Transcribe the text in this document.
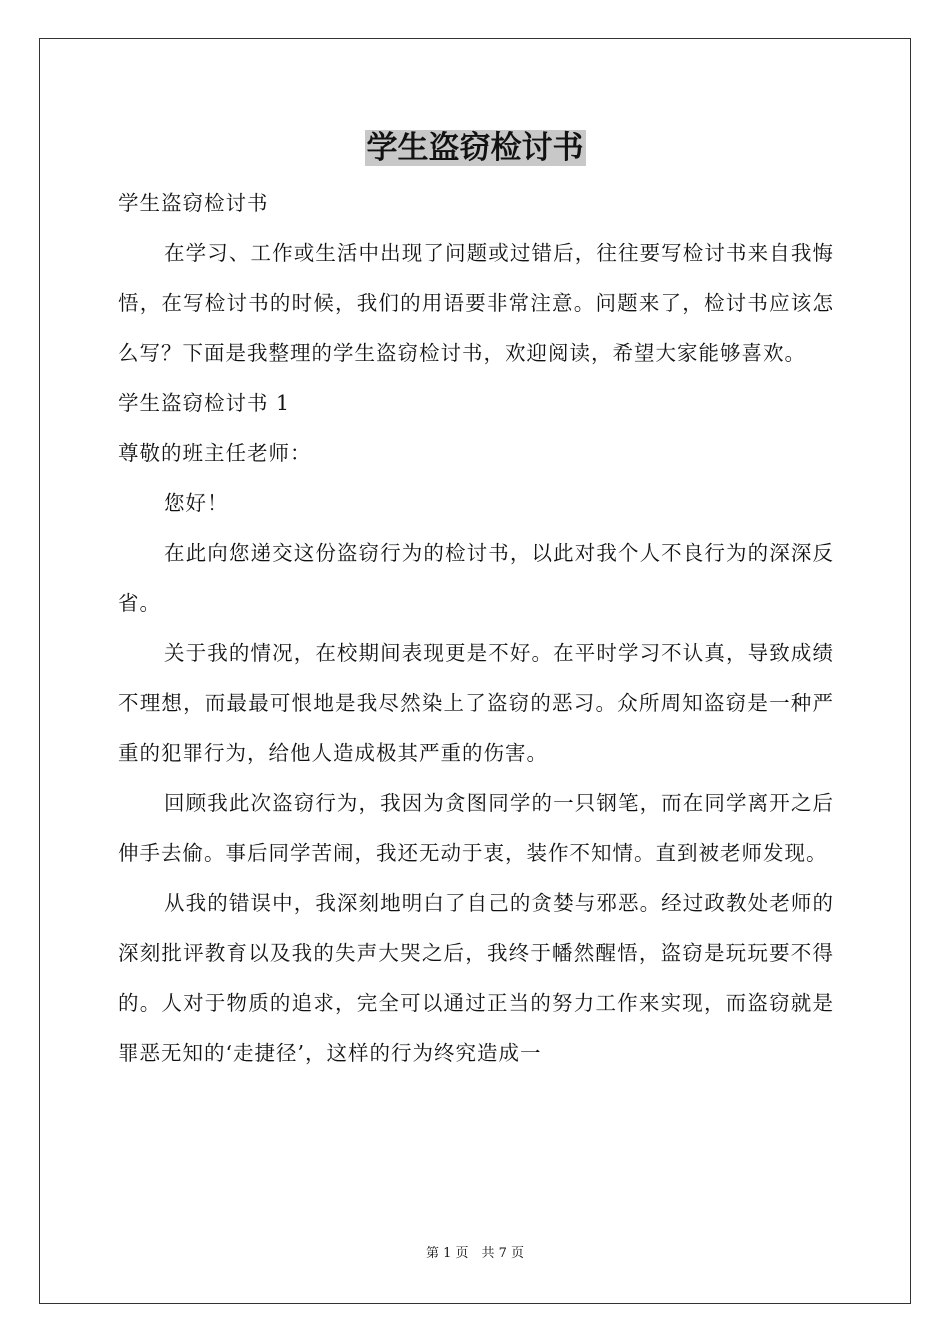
学生盗窃检讨书

学生盗窃检讨书

在学习、工作或生活中出现了问题或过错后，往往要写检讨书来自我悔悟，在写检讨书的时候，我们的用语要非常注意。问题来了，检讨书应该怎么写？下面是我整理的学生盗窃检讨书，欢迎阅读，希望大家能够喜欢。

学生盗窃检讨书 1

尊敬的班主任老师：

您好！

在此向您递交这份盗窃行为的检讨书，以此对我个人不良行为的深深反省。

关于我的情况，在校期间表现更是不好。在平时学习不认真，导致成绩不理想，而最最可恨地是我尽然染上了盗窃的恶习。众所周知盗窃是一种严重的犯罪行为，给他人造成极其严重的伤害。

回顾我此次盗窃行为，我因为贪图同学的一只钢笔，而在同学离开之后伸手去偷。事后同学苦闹，我还无动于衷，装作不知情。直到被老师发现。

从我的错误中，我深刻地明白了自己的贪婪与邪恶。经过政教处老师的深刻批评教育以及我的失声大哭之后，我终于幡然醒悟，盗窃是玩玩要不得的。人对于物质的追求，完全可以通过正当的努力工作来实现，而盗窃就是罪恶无知的‘走捷径’，这样的行为终究造成一

第 1 页　共 7 页
